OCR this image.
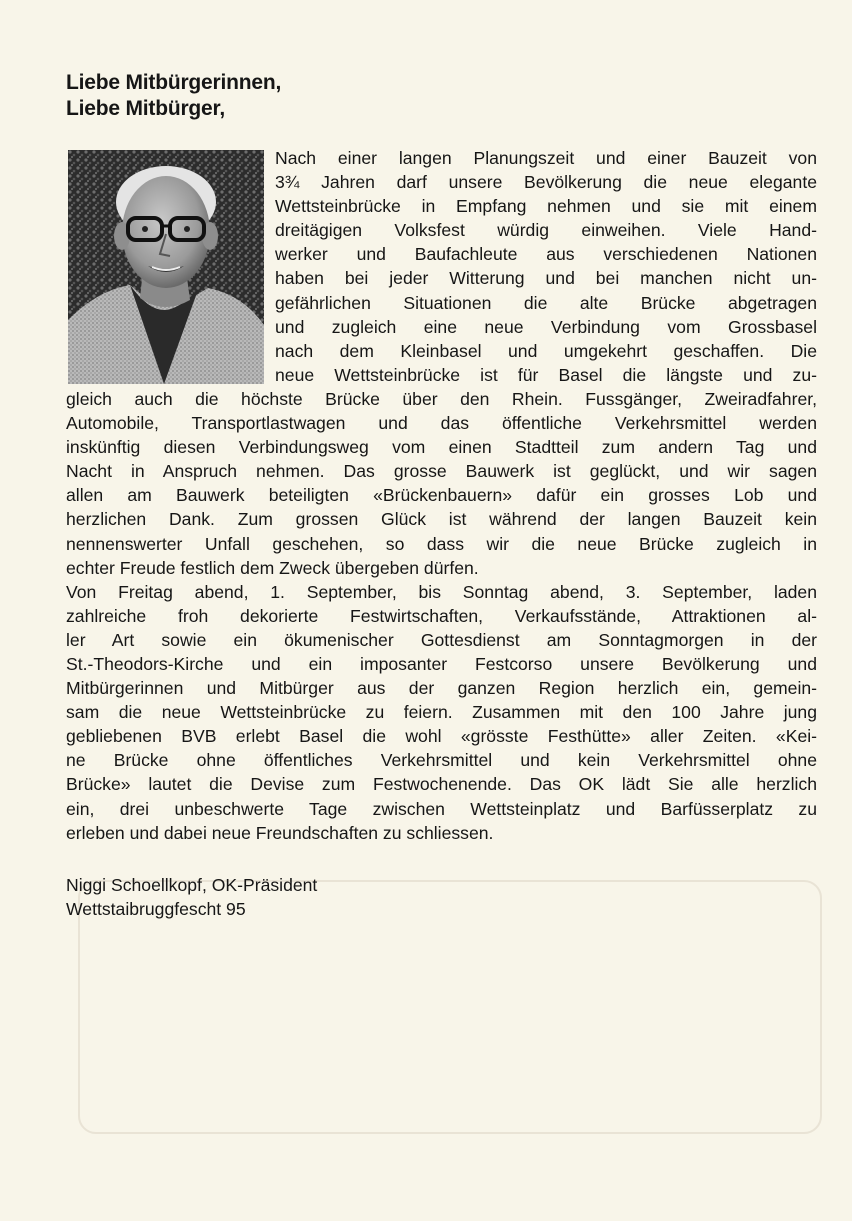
Liebe Mitbürgerinnen,
Liebe Mitbürger,
Nach einer langen Planungszeit und einer Bauzeit von
3¾ Jahren darf unsere Bevölkerung die neue elegante
Wettsteinbrücke in Empfang nehmen und sie mit einem
dreitägigen Volksfest würdig einweihen. Viele Hand-
werker und Baufachleute aus verschiedenen Nationen
haben bei jeder Witterung und bei manchen nicht un-
gefährlichen Situationen die alte Brücke abgetragen
und zugleich eine neue Verbindung vom Grossbasel
nach dem Kleinbasel und umgekehrt geschaffen. Die
neue Wettsteinbrücke ist für Basel die längste und zu-
gleich auch die höchste Brücke über den Rhein. Fussgänger, Zweiradfahrer,
Automobile, Transportlastwagen und das öffentliche Verkehrsmittel werden
inskünftig diesen Verbindungsweg vom einen Stadtteil zum andern Tag und
Nacht in Anspruch nehmen. Das grosse Bauwerk ist geglückt, und wir sagen
allen am Bauwerk beteiligten «Brückenbauern» dafür ein grosses Lob und
herzlichen Dank. Zum grossen Glück ist während der langen Bauzeit kein
nennenswerter Unfall geschehen, so dass wir die neue Brücke zugleich in
echter Freude festlich dem Zweck übergeben dürfen.
Von Freitag abend, 1. September, bis Sonntag abend, 3. September, laden
zahlreiche froh dekorierte Festwirtschaften, Verkaufsstände, Attraktionen al-
ler Art sowie ein ökumenischer Gottesdienst am Sonntagmorgen in der
St.-Theodors-Kirche und ein imposanter Festcorso unsere Bevölkerung und
Mitbürgerinnen und Mitbürger aus der ganzen Region herzlich ein, gemein-
sam die neue Wettsteinbrücke zu feiern. Zusammen mit den 100 Jahre jung
gebliebenen BVB erlebt Basel die wohl «grösste Festhütte» aller Zeiten. «Kei-
ne Brücke ohne öffentliches Verkehrsmittel und kein Verkehrsmittel ohne
Brücke» lautet die Devise zum Festwochenende. Das OK lädt Sie alle herzlich
ein, drei unbeschwerte Tage zwischen Wettsteinplatz und Barfüsserplatz zu
erleben und dabei neue Freundschaften zu schliessen.
Niggi Schoellkopf, OK-Präsident
Wettstaibruggfescht 95
